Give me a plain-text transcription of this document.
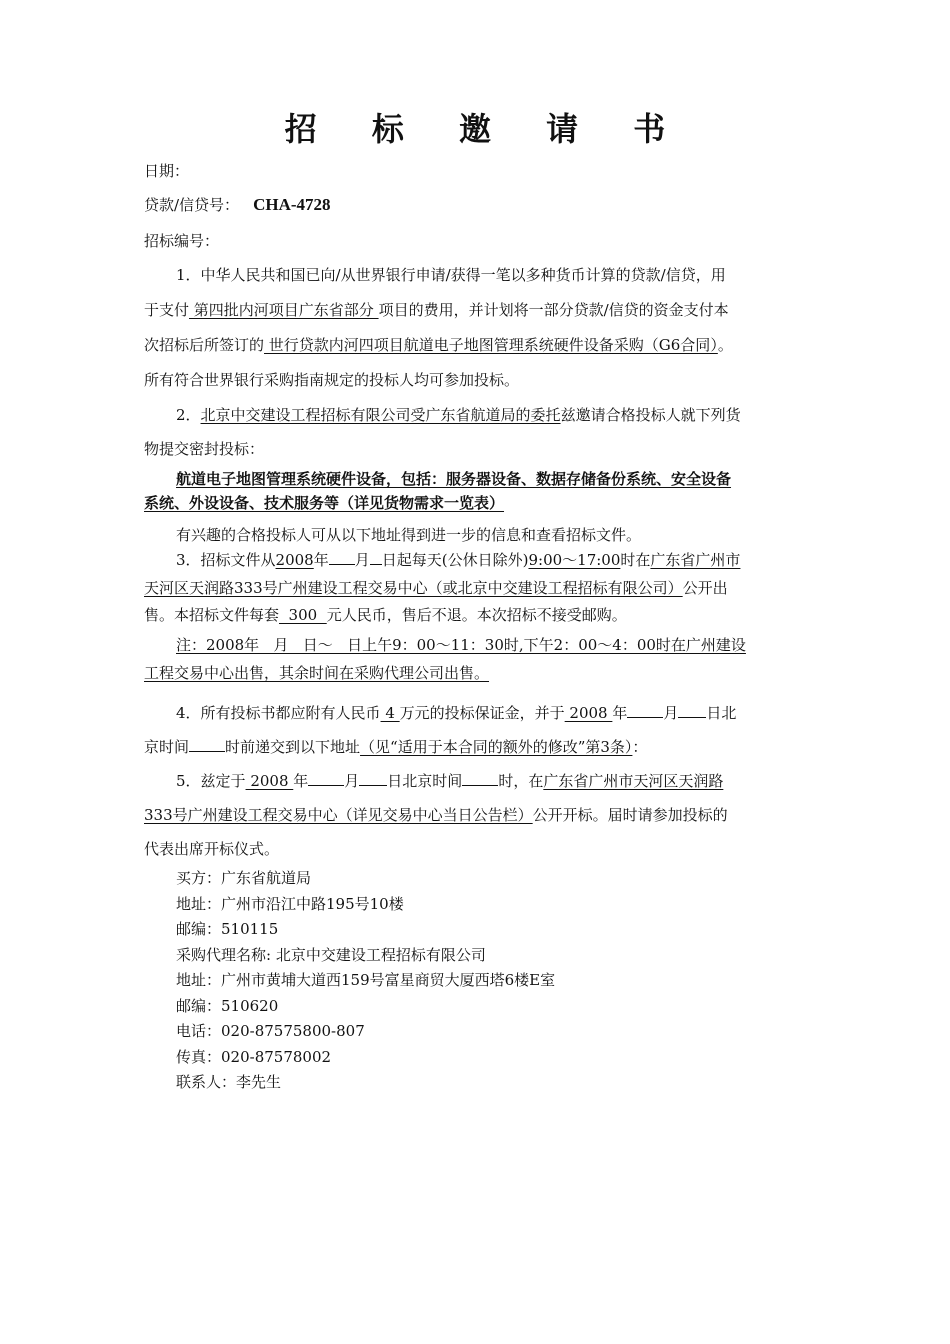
招 标 邀 请 书
日期：
贷款/信贷号： CHA-4728
招标编号：
1．中华人民共和国已向/从世界银行申请/获得一笔以多种货币计算的贷款/信贷，用
于支付 第四批内河项目广东省部分 项目的费用，并计划将一部分贷款/信贷的资金支付本
次招标后所签订的 世行贷款内河四项目航道电子地图管理系统硬件设备采购（G6合同）。
所有符合世界银行采购指南规定的投标人均可参加投标。
2．北京中交建设工程招标有限公司受广东省航道局的委托兹邀请合格投标人就下列货
物提交密封投标：
航道电子地图管理系统硬件设备，包括：服务器设备、数据存储备份系统、安全设备
系统、外设设备、技术服务等（详见货物需求一览表）
有兴趣的合格投标人可从以下地址得到进一步的信息和查看招标文件。
3．招标文件从2008年 月 日起每天(公休日除外)9:00～17:00时在广东省广州市
天河区天润路333号广州建设工程交易中心（或北京中交建设工程招标有限公司）公开出
售。本招标文件每套  300  元人民币，售后不退。本次招标不接受邮购。
注：2008年   月   日～   日上午9：00～11：30时,下午2：00～4：00时在广州建设
工程交易中心出售，其余时间在采购代理公司出售。
4．所有投标书都应附有人民币 4 万元的投标保证金，并于 2008 年 月 日北
京时间 时前递交到以下地址（见“适用于本合同的额外的修改”第3条）：
5．兹定于 2008 年 月 日北京时间 时，在广东省广州市天河区天润路
333号广州建设工程交易中心（详见交易中心当日公告栏）公开开标。届时请参加投标的
代表出席开标仪式。
买方：广东省航道局
地址：广州市沿江中路195号10楼
邮编：510115
采购代理名称: 北京中交建设工程招标有限公司
地址：广州市黄埔大道西159号富星商贸大厦西塔6楼E室
邮编：510620
电话：020-87575800-807
传真：020-87578002
联系人：李先生
